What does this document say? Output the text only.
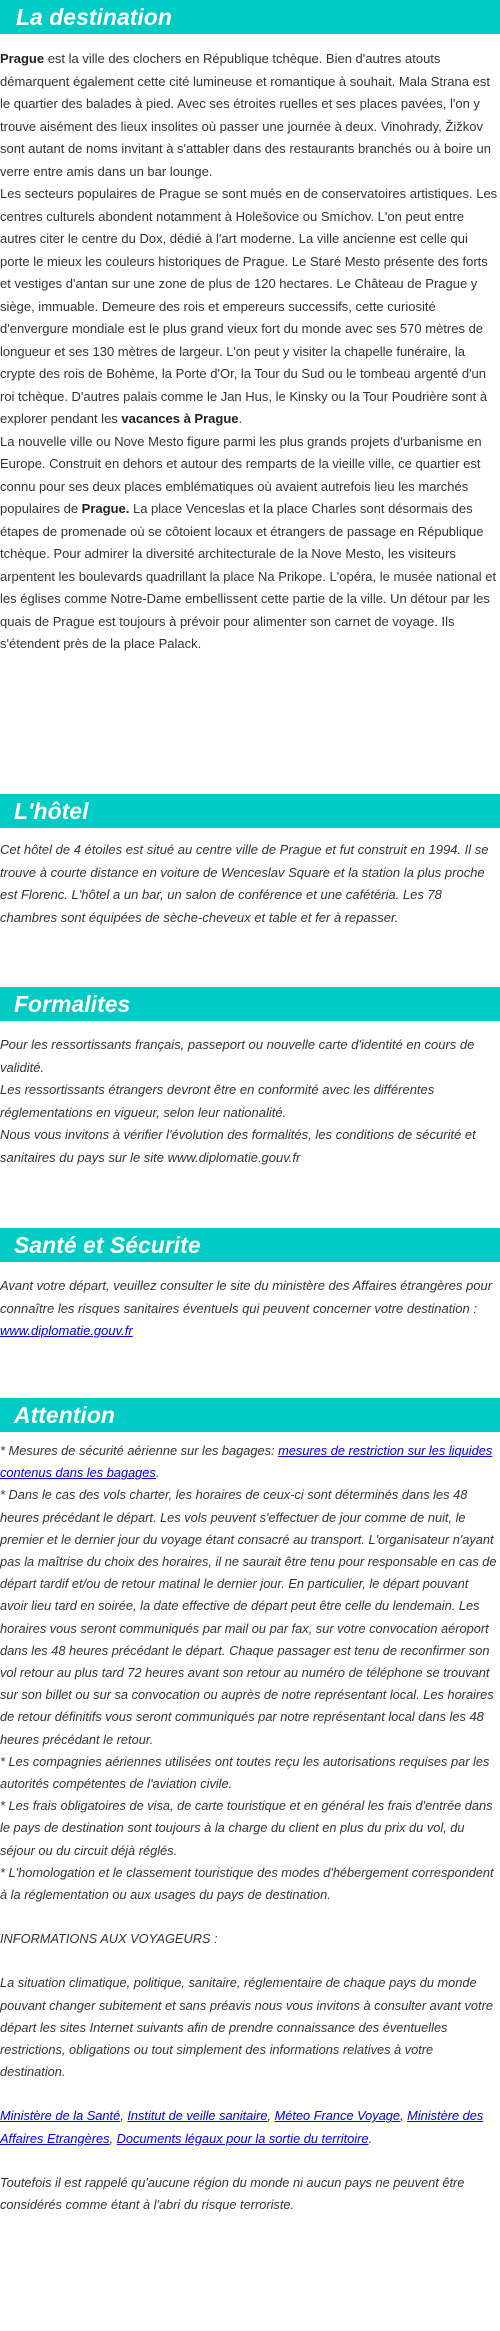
La destination

Prague est la ville des clochers en République tchèque. Bien d'autres atouts démarquent également cette cité lumineuse et romantique à souhait. Mala Strana est le quartier des balades à pied. Avec ses étroites ruelles et ses places pavées, l'on y trouve aisément des lieux insolites où passer une journée à deux. Vinohrady, Žižkov sont autant de noms invitant à s'attabler dans des restaurants branchés ou à boire un verre entre amis dans un bar lounge.

Les secteurs populaires de Prague se sont mués en de conservatoires artistiques. Les centres culturels abondent notamment à Holešovice ou Smíchov. L'on peut entre autres citer le centre du Dox, dédié à l'art moderne. La ville ancienne est celle qui porte le mieux les couleurs historiques de Prague. Le Staré Mesto présente des forts et vestiges d'antan sur une zone de plus de 120 hectares. Le Château de Prague y siège, immuable. Demeure des rois et empereurs successifs, cette curiosité d'envergure mondiale est le plus grand vieux fort du monde avec ses 570 mètres de longueur et ses 130 mètres de largeur. L'on peut y visiter la chapelle funéraire, la crypte des rois de Bohème, la Porte d'Or, la Tour du Sud ou le tombeau argenté d'un roi tchèque. D'autres palais comme le Jan Hus, le Kinsky ou la Tour Poudrière sont à explorer pendant les vacances à Prague.

La nouvelle ville ou Nove Mesto figure parmi les plus grands projets d'urbanisme en Europe. Construit en dehors et autour des remparts de la vieille ville, ce quartier est connu pour ses deux places emblématiques où avaient autrefois lieu les marchés populaires de Prague. La place Venceslas et la place Charles sont désormais des étapes de promenade où se côtoient locaux et étrangers de passage en République tchèque. Pour admirer la diversité architecturale de la Nove Mesto, les visiteurs arpentent les boulevards quadrillant la place Na Prikope. L'opéra, le musée national et les églises comme Notre-Dame embellissent cette partie de la ville. Un détour par les quais de Prague est toujours à prévoir pour alimenter son carnet de voyage. Ils s'étendent près de la place Palack.

L'hôtel

Cet hôtel de 4 étoiles est situé au centre ville de Prague et fut construit en 1994. Il se trouve à courte distance en voiture de Wenceslav Square et la station la plus proche est Florenc. L'hôtel a un bar, un salon de conférence et une cafétéria. Les 78 chambres sont équipées de sèche-cheveux et table et fer à repasser.

Formalites

Pour les ressortissants français, passeport ou nouvelle carte d'identité en cours de validité.

Les ressortissants étrangers devront être en conformité avec les différentes réglementations en vigueur, selon leur nationalité.

Nous vous invitons à vérifier l'évolution des formalités, les conditions de sécurité et sanitaires du pays sur le site www.diplomatie.gouv.fr

Santé et Sécurite

Avant votre départ, veuillez consulter le site du ministère des Affaires étrangères pour connaître les risques sanitaires éventuels qui peuvent concerner votre destination : www.diplomatie.gouv.fr

Attention

* Mesures de sécurité aérienne sur les bagages: mesures de restriction sur les liquides contenus dans les bagages.

* Dans le cas des vols charter, les horaires de ceux-ci sont déterminés dans les 48 heures précédant le départ. Les vols peuvent s'effectuer de jour comme de nuit, le premier et le dernier jour du voyage étant consacré au transport. L'organisateur n'ayant pas la maîtrise du choix des horaires, il ne saurait être tenu pour responsable en cas de départ tardif et/ou de retour matinal le dernier jour. En particulier, le départ pouvant avoir lieu tard en soirée, la date effective de départ peut être celle du lendemain. Les horaires vous seront communiqués par mail ou par fax, sur votre convocation aéroport dans les 48 heures précédant le départ. Chaque passager est tenu de reconfirmer son vol retour au plus tard 72 heures avant son retour au numéro de téléphone se trouvant sur son billet ou sur sa convocation ou auprès de notre représentant local. Les horaires de retour définitifs vous seront communiqués par notre représentant local dans les 48 heures précédant le retour.

* Les compagnies aériennes utilisées ont toutes reçu les autorisations requises par les autorités compétentes de l'aviation civile.

* Les frais obligatoires de visa, de carte touristique et en général les frais d'entrée dans le pays de destination sont toujours à la charge du client en plus du prix du vol, du séjour ou du circuit déjà réglés.

* L'homologation et le classement touristique des modes d'hébergement correspondent à la réglementation ou aux usages du pays de destination.

INFORMATIONS AUX VOYAGEURS :

La situation climatique, politique, sanitaire, réglementaire de chaque pays du monde pouvant changer subitement et sans préavis nous vous invitons à consulter avant votre départ les sites Internet suivants afin de prendre connaissance des éventuelles restrictions, obligations ou tout simplement des informations relatives à votre destination.

Ministère de la Santé, Institut de veille sanitaire, Méteo France Voyage, Ministère des Affaires Etrangères, Documents légaux pour la sortie du territoire.

Toutefois il est rappelé qu'aucune région du monde ni aucun pays ne peuvent être considérés comme étant à l'abri du risque terroriste.
